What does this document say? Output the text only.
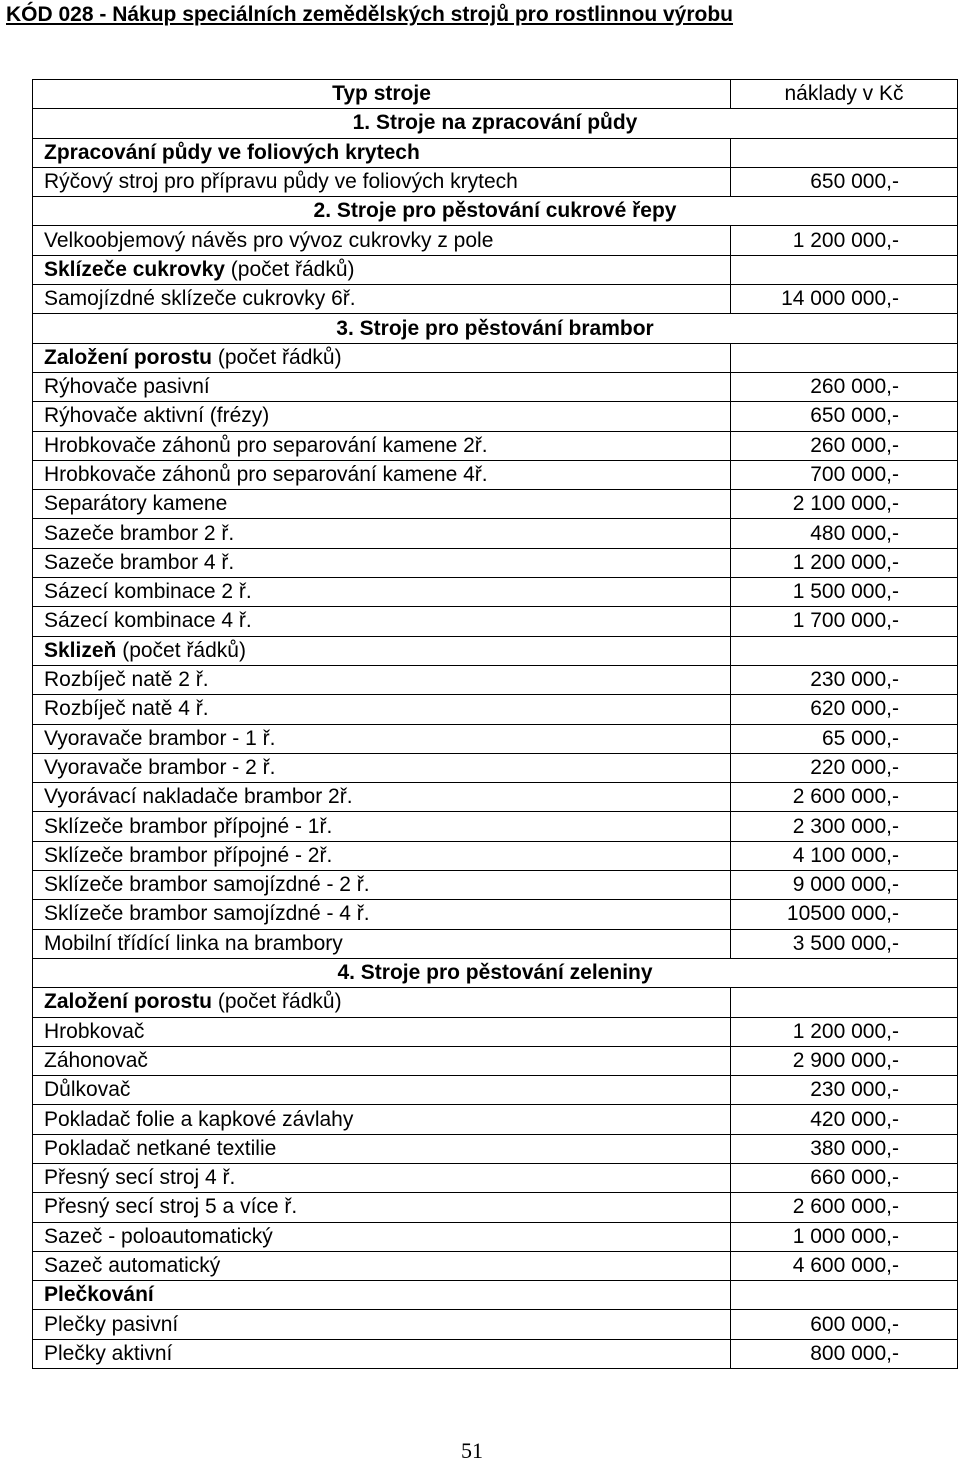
KÓD 028 - Nákup speciálních zemědělských strojů pro rostlinnou výrobu
Typ stroje	náklady v Kč
1. Stroje na zpracování půdy	
Zpracování půdy ve foliových krytech	
Rýčový stroj pro přípravu půdy ve foliových krytech	650 000,-
2. Stroje pro pěstování cukrové řepy	
Velkoobjemový návěs pro vývoz cukrovky z pole	1 200 000,-
Sklízeče cukrovky (počet řádků)	
Samojízdné sklízeče cukrovky 6ř.	14 000 000,-
3. Stroje pro pěstování brambor	
Založení porostu (počet řádků)	
Rýhovače pasivní	260 000,-
Rýhovače aktivní (frézy)	650 000,-
Hrobkovače záhonů pro separování kamene 2ř.	260 000,-
Hrobkovače záhonů pro separování kamene 4ř.	700 000,-
Separátory kamene	2 100 000,-
Sazeče brambor 2 ř.	480 000,-
Sazeče brambor 4 ř.	1 200 000,-
Sázecí kombinace 2 ř.	1 500 000,-
Sázecí kombinace 4 ř.	1 700 000,-
Sklizeň (počet řádků)	
Rozbíječ natě 2 ř.	230 000,-
Rozbíječ natě 4 ř.	620 000,-
Vyoravače brambor - 1 ř.	65 000,-
Vyoravače brambor - 2 ř.	220 000,-
Vyorávací nakladače brambor 2ř.	2 600 000,-
Sklízeče brambor přípojné - 1ř.	2 300 000,-
Sklízeče brambor přípojné - 2ř.	4 100 000,-
Sklízeče brambor samojízdné - 2 ř.	9 000 000,-
Sklízeče brambor samojízdné - 4 ř.	10500 000,-
Mobilní třídící linka na brambory	3 500 000,-
4. Stroje pro pěstování zeleniny	
Založení porostu (počet řádků)	
Hrobkovač	1 200 000,-
Záhonovač	2 900 000,-
Důlkovač	230 000,-
Pokladač folie a kapkové závlahy	420 000,-
Pokladač netkané textilie	380 000,-
Přesný secí stroj 4 ř.	660 000,-
Přesný secí stroj 5 a více ř.	2 600 000,-
Sazeč - poloautomatický	1 000 000,-
Sazeč automatický	4 600 000,-
Plečkování	
Plečky pasivní	600 000,-
Plečky aktivní	800 000,-
51
